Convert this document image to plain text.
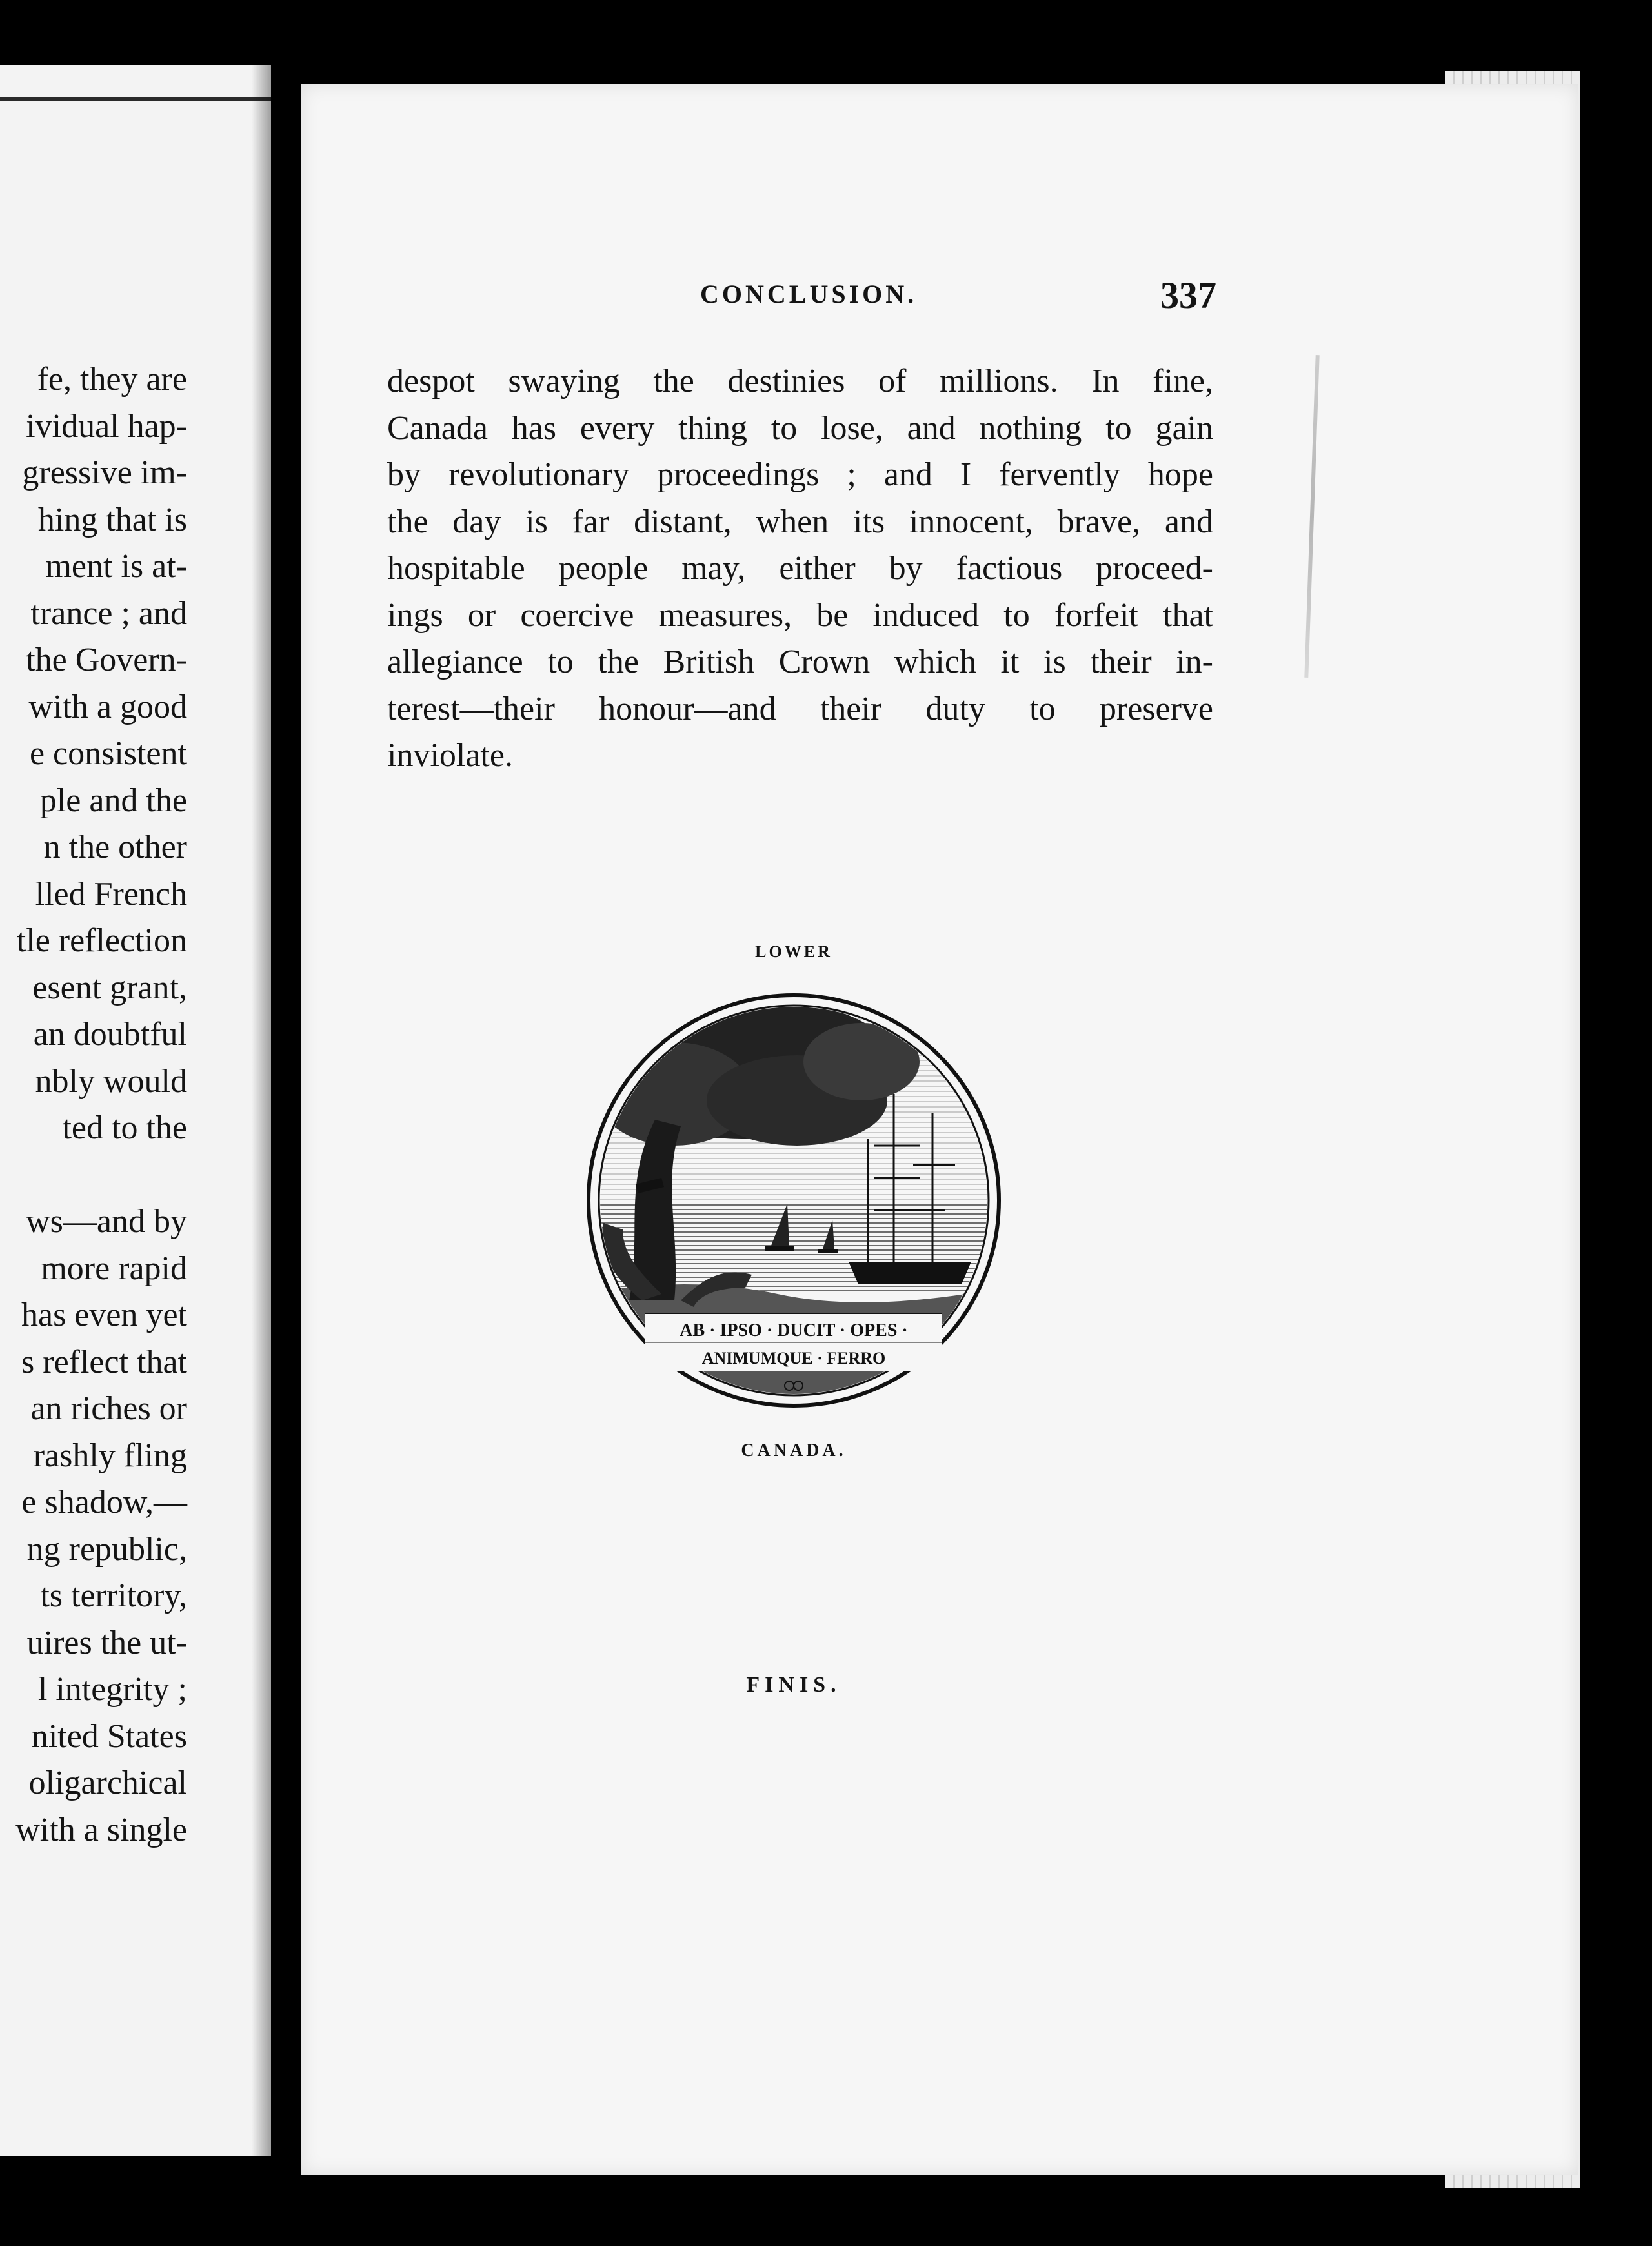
fe, they are
ividual hap-
gressive im-
hing that is
ment is at-
trance ; and
the Govern-
with a good
e consistent
ple and the
n the other
lled French
tle reflection
esent grant,
an doubtful
nbly would
ted to the
ws—and by
more rapid
has even yet
s reflect that
an riches or
rashly fling
e shadow,—
ng republic,
ts territory,
uires the ut-
l integrity ;
nited States
oligarchical
with a single
CONCLUSION.	337
despot swaying the destinies of millions. In fine,
Canada has every thing to lose, and nothing to gain
by revolutionary proceedings ; and I fervently hope
the day is far distant, when its innocent, brave, and
hospitable people may, either by factious proceed-
ings or coercive measures, be induced to forfeit that
allegiance to the British Crown which it is their in-
terest—their honour—and their duty to preserve
inviolate.
LOWER
AB · IPSO · DUCIT · OPES ·
ANIMUMQUE · FERRO
CANADA.
FINIS.
